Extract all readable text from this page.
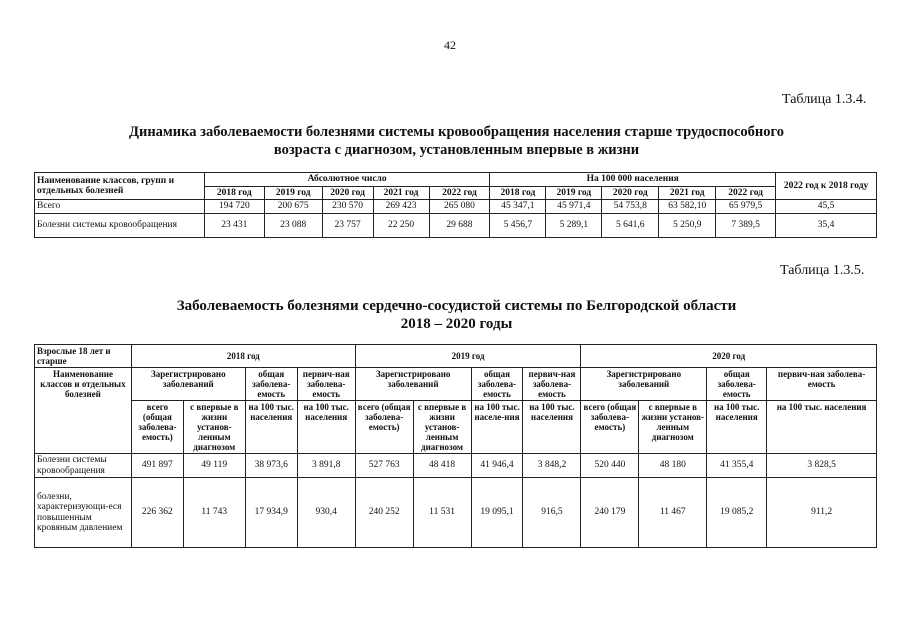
42
Таблица 1.3.4.
Динамика заболеваемости болезнями системы кровообращения населения старше трудоспособного
возраста с диагнозом, установленным впервые в жизни
Наименование классов, групп и отдельных болезней	Абсолютное число					На 100 000 населения					2022 год к 2018 году
	2018 год	2019 год	2020 год	2021 год	2022 год	2018 год	2019 год	2020 год	2021 год	2022 год	
Всего	194 720	200 675	230 570	269 423	265 080	45 347,1	45 971,4	54 753,8	63 582,10	65 979,5	45,5
Болезни системы кровообращения	23 431	23 088	23 757	22 250	29 688	5 456,7	5 289,1	5 641,6	5 250,9	7 389,5	35,4
Таблица 1.3.5.
Заболеваемость болезнями сердечно-сосудистой системы по Белгородской области
2018 – 2020 годы
Взрослые 18 лет и старше	2018 год				2019 год				2020 год			
Наименование классов и отдельных болезней	Зарегистрировано заболеваний		общая заболева-емость	первич-ная заболева-емость	Зарегистрировано заболеваний		общая заболева-емость	первич-ная заболева-емость	Зарегистрировано заболеваний		общая заболева-емость	первич-ная заболева-емость
	всего (общая заболева-емость)	с впервые в жизни установ-ленным диагнозом	на 100 тыс. населения	на 100 тыс. населения	всего (общая заболева-емость)	с впервые в жизни установ-ленным диагнозом	на 100 тыс. населе-ния	на 100 тыс. населения	всего (общая заболева-емость)	с впервые в жизни установ-ленным диагнозом	на 100 тыс. населения	на 100 тыс. населения
Болезни системы кровообращения	491 897	49 119	38 973,6	3 891,8	527 763	48 418	41 946,4	3 848,2	520 440	48 180	41 355,4	3 828,5
болезни, характеризующи-еся повышенным кровяным давлением	226 362	11 743	17 934,9	930,4	240 252	11 531	19 095,1	916,5	240 179	11 467	19 085,2	911,2
